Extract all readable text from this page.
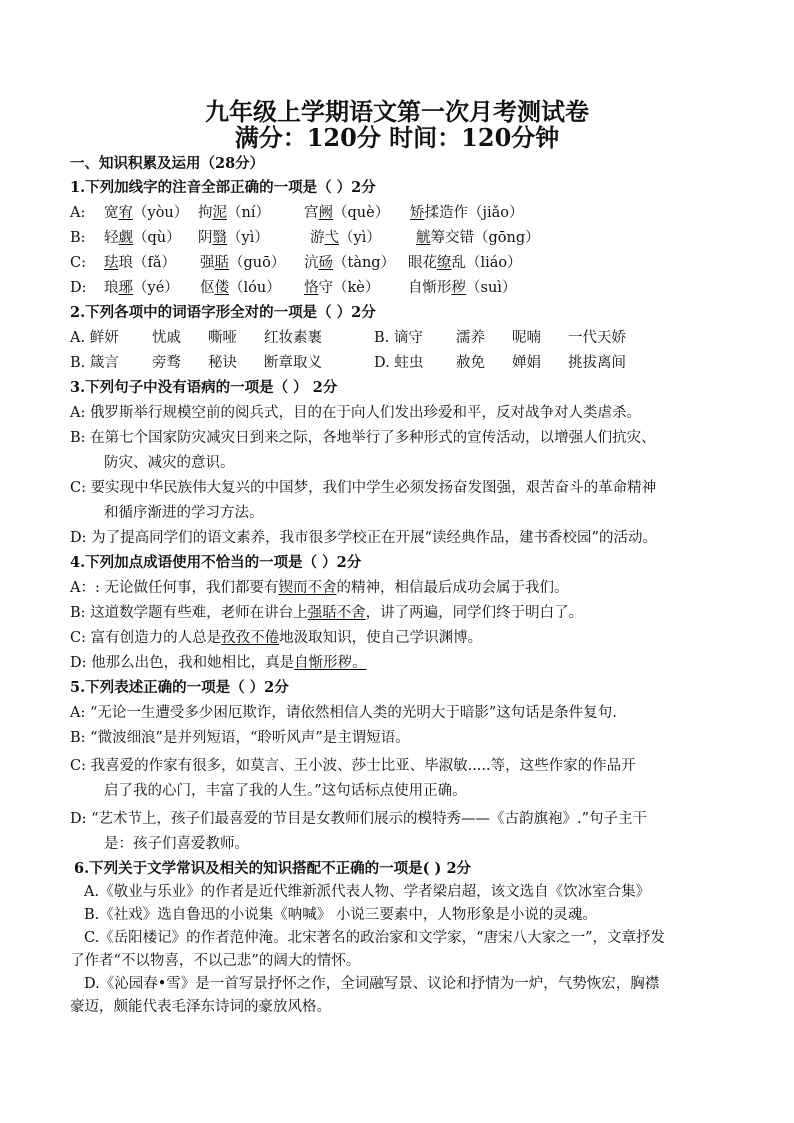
九年级上学期语文第一次月考测试卷
满分：120分 时间：120分钟
一、知识积累及运用（28分）
1.下列加线字的注音全部正确的一项是（ ）2分
A: 宽宥（yòu） 拘泥（ní） 宫阙（què） 矫揉造作（jiǎo）
B: 轻觑（qù） 阴翳（yì）	游弋（yì） 觥筹交错（gōng）
C: 珐琅（fǎ） 强聒（guō） 沆砀（tàng） 眼花缭乱（liáo）
D: 琅琊（yé） 伛偻（lóu） 恪守（kè） 自惭形秽（suì）
2.下列各项中的词语字形全对的一项是（ ）2分
A. 鲜妍 忧戚 嘶哑 红妆素裹	B. 谪守 濡养 呢喃 一代天娇
B. 箴言 旁骛 秘诀 断章取义	D. 蛀虫 赦免 婵娟 挑拔离间
3.下列句子中没有语病的一项是（ ） 2分
A: 俄罗斯举行规模空前的阅兵式，目的在于向人们发出珍爱和平，反对战争对人类虐杀。
B: 在第七个国家防灾减灾日到来之际，各地举行了多种形式的宣传活动，以增强人们抗灾、
防灾、减灾的意识。
C: 要实现中华民族伟大复兴的中国梦，我们中学生必须发扬奋发图强，艰苦奋斗的革命精神
和循序渐进的学习方法。
D: 为了提高同学们的语文素养，我市很多学校正在开展“读经典作品，建书香校园”的活动。
4.下列加点成语使用不恰当的一项是（ ）2分
A：: 无论做任何事，我们都要有锲而不舍的精神，相信最后成功会属于我们。
B: 这道数学题有些难，老师在讲台上强聒不舍，讲了两遍，同学们终于明白了。
C: 富有创造力的人总是孜孜不倦地汲取知识，使自己学识渊博。
D: 他那么出色，我和她相比，真是自惭形秽。
5.下列表述正确的一项是（ ）2分
A: “无论一生遭受多少困厄欺诈，请依然相信人类的光明大于暗影”这句话是条件复句.
B: “微波细浪”是并列短语，“聆听风声”是主谓短语。
C: 我喜爱的作家有很多，如莫言、王小波、莎士比亚、毕淑敏.....等，这些作家的作品开
启了我的心门，丰富了我的人生。”这句话标点使用正确。
D: “艺术节上，孩子们最喜爱的节目是女教师们展示的模特秀——《古韵旗袍》.”句子主干
是：孩子们喜爱教师。
6.下列关于文学常识及相关的知识搭配不正确的一项是( ) 2分
A.《敬业与乐业》的作者是近代维新派代表人物、学者梁启超，该文选自《饮冰室合集》
B.《社戏》选自鲁迅的小说集《呐喊》 小说三要素中，人物形象是小说的灵魂。
C.《岳阳楼记》的作者范仲淹。北宋著名的政治家和文学家，“唐宋八大家之一”，文章抒发
了作者“不以物喜，不以己悲”的阔大的情怀。
D.《沁园春•雪》是一首写景抒怀之作，全词融写景、议论和抒情为一炉，气势恢宏，胸襟
豪迈，颇能代表毛泽东诗词的豪放风格。
